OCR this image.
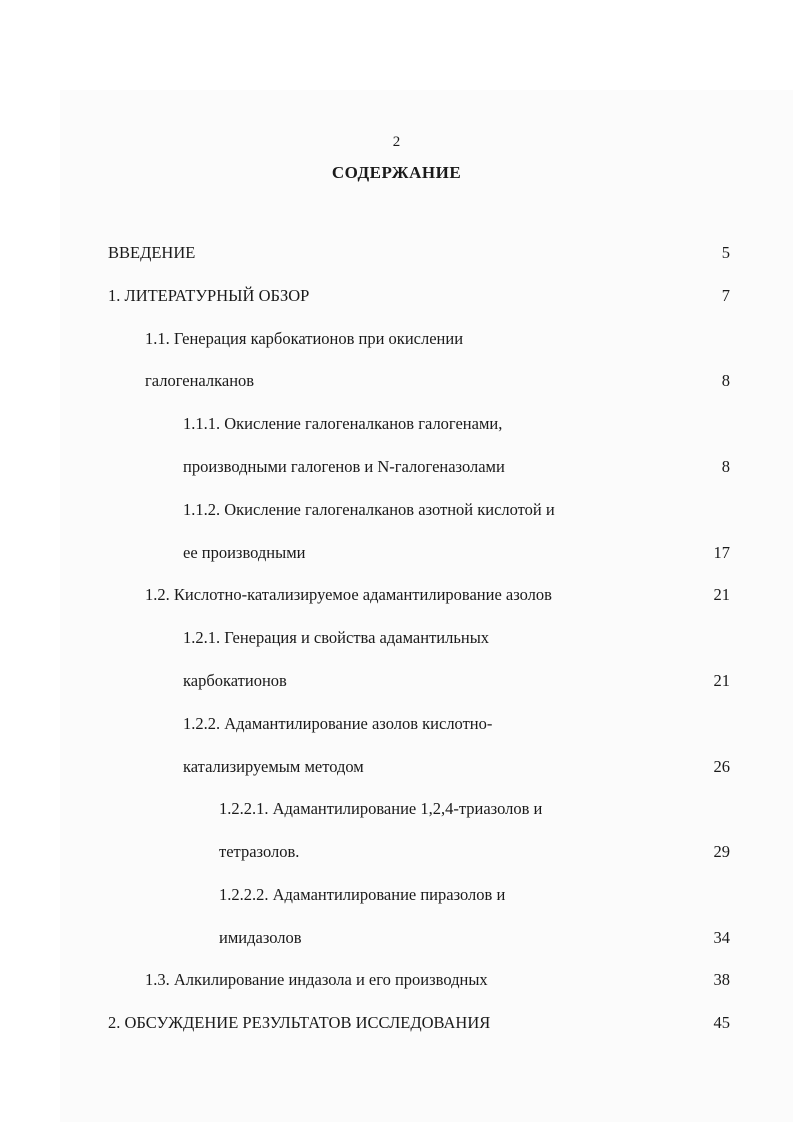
2
СОДЕРЖАНИЕ
ВВЕДЕНИЕ	5
1. ЛИТЕРАТУРНЫЙ ОБЗОР	7
1.1. Генерация карбокатионов при окислении
галогеналканов	8
1.1.1. Окисление галогеналканов галогенами,
производными галогенов и N-галогеназолами	8
1.1.2. Окисление галогеналканов азотной кислотой и
ее производными	17
1.2. Кислотно-катализируемое адамантилирование азолов	21
1.2.1. Генерация и свойства адамантильных
карбокатионов	21
1.2.2. Адамантилирование азолов кислотно-
катализируемым методом	26
1.2.2.1. Адамантилирование 1,2,4-триазолов и
тетразолов.	29
1.2.2.2. Адамантилирование пиразолов и
имидазолов	34
1.3. Алкилирование индазола и его производных	38
2. ОБСУЖДЕНИЕ РЕЗУЛЬТАТОВ ИССЛЕДОВАНИЯ	45
